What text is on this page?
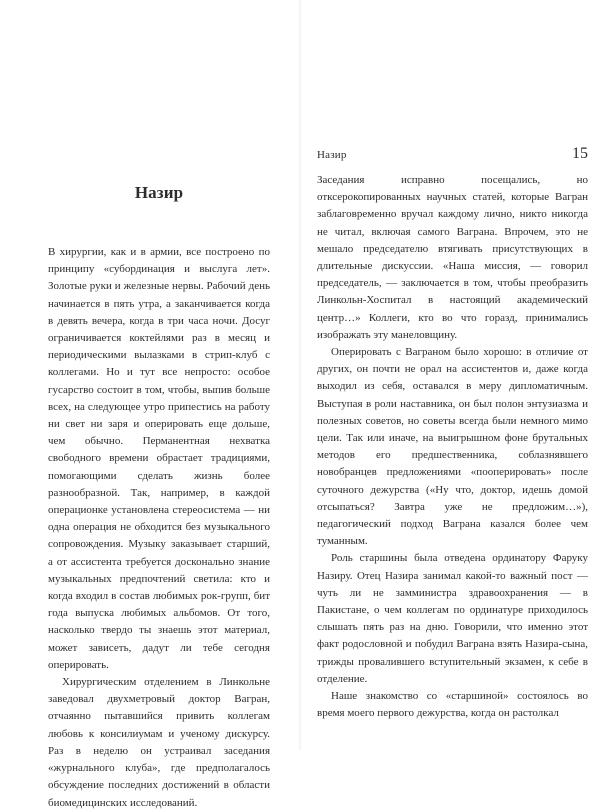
Назир

В хирургии, как и в армии, все построено по принципу «субординация и выслуга лет». Золотые руки и железные нервы. Рабочий день начинается в пять утра, а заканчивается когда в девять вечера, когда в три часа ночи. Досуг ограничивается коктейлями раз в месяц и периодическими вылазками в стрип-клуб с коллегами. Но и тут все непросто: особое гусарство состоит в том, чтобы, выпив больше всех, на следующее утро припестись на работу ни свет ни заря и оперировать еще дольше, чем обычно. Перманентная нехватка свободного времени обрастает традициями, помогающими сделать жизнь более разнообразной. Так, например, в каждой операционке установлена стереосистема — ни одна операция не обходится без музыкального сопровождения. Музыку заказывает старший, а от ассистента требуется досконально знание музыкальных предпочтений светила: кто и когда входил в состав любимых рок-групп, бит года выпуска любимых альбомов. От того, насколько твердо ты знаешь этот материал, может зависеть, дадут ли тебе сегодня оперировать.

Хирургическим отделением в Линкольне заведовал двухметровый доктор Вагран, отчаянно пытавшийся привить коллегам любовь к консилиумам и ученому дискурсу. Раз в неделю он устраивал заседания «журнального клуба», где предполагалось обсуждение последних достижений в области биомедицинских исследований.

Назир	15

Заседания исправно посещались, но отксерокопированных научных статей, которые Вагран заблаговременно вручал каждому лично, никто никогда не читал, включая самого Ваграна. Впрочем, это не мешало председателю втягивать присутствующих в длительные дискуссии. «Наша миссия, — говорил председатель, — заключается в том, чтобы преобразить Линкольн-Хоспитал в настоящий академический центр…» Коллеги, кто во что горазд, принимались изображать эту манеловщину.

Оперировать с Ваграном было хорошо: в отличие от других, он почти не орал на ассистентов и, даже когда выходил из себя, оставался в меру дипломатичным. Выступая в роли наставника, он был полон энтузиазма и полезных советов, но советы всегда были немного мимо цели. Так или иначе, на выигрышном фоне брутальных методов его предшественника, соблазнявшего новобранцев предложениями «пооперировать» после суточного дежурства («Ну что, доктор, идешь домой отсыпаться? Завтра уже не предложим…»), педагогический подход Ваграна казался более чем туманным.

Роль старшины была отведена ординатору Фаруку Назиру. Отец Назира занимал какой-то важный пост — чуть ли не замминистра здравоохранения — в Пакистане, о чем коллегам по ординатуре приходилось слышать пять раз на дню. Говорили, что именно этот факт родословной и побудил Ваграна взять Назира-сына, трижды провалившего вступительный экзамен, к себе в отделение.

Наше знакомство со «старшиной» состоялось во время моего первого дежурства, когда он растолкал
